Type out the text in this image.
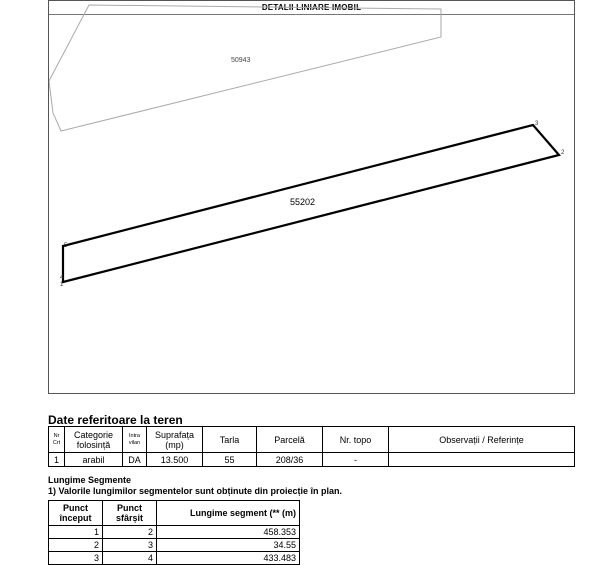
DETALII LINIARE IMOBIL
50943
55202
1
2
3
4
5
Date referitoare la teren
Nr Crt	Categorie folosință	Intra vilan	Suprafața (mp)	Tarla	Parcelă	Nr. topo	Observații / Referințe
1	arabil	DA	13.500	55	208/36	-	
Lungime Segmente
1) Valorile lungimilor segmentelor sunt obținute din proiecție în plan.
Punct început	Punct sfârșit	Lungime segment (** (m)
1	2	458.353
2	3	34.55
3	4	433.483
